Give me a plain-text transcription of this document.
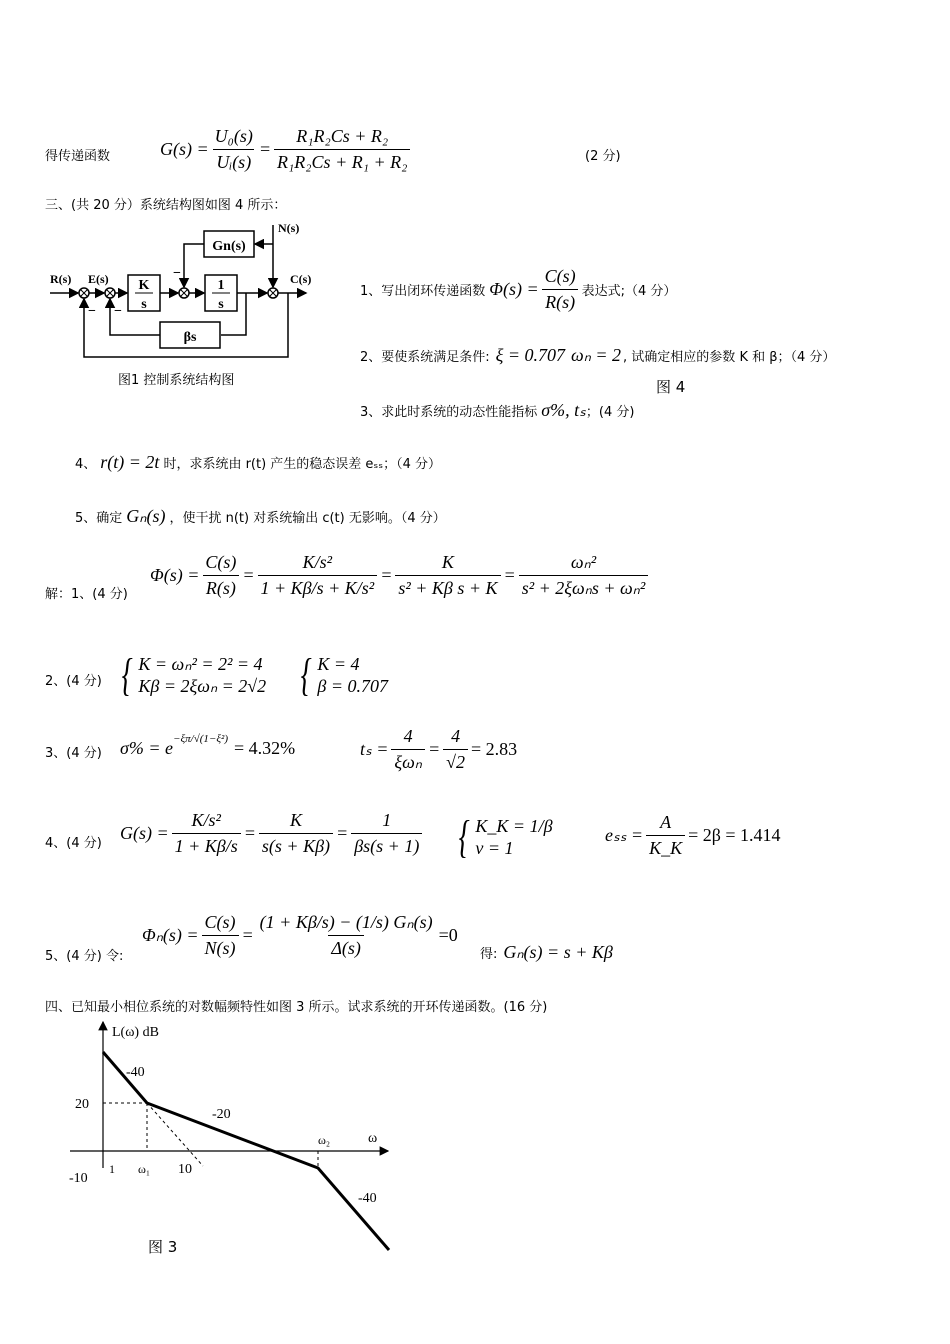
得传递函数	$G(s) = \frac{\text{U₀(s)}}{\text{Uᵢ(s)}} = \frac{\text{R₁R₂Cs + R₂}}{\text{R₁R₂Cs + R₁ + R₂}}$	(2 分)
三、(共 20 分）系统结构图如图 4 所示：
R(s) E(s)
N(s)
C(s)
K
s
1
s
Gn(s)
βs
− −
−
图1 控制系统结构图
1、写出闭环传递函数 $\Phi(s) = \frac{C(s)}{R(s)}$ 表达式;（4 分）
2、要使系统满足条件: ξ = 0.707 ωₙ = 2 , 试确定相应的参数 K 和 β；（4 分）
图 4
3、求此时系统的动态性能指标 σ%, tₛ ；(4 分)
4、 r(t) = 2t 时，求系统由 r(t) 产生的稳态误差 eₛₛ；（4 分）
5、确定 Gₙ(s) ，使干扰 n(t) 对系统输出 c(t) 无影响。（4 分）
解：1、(4 分)
$\Phi(s) = \frac{C(s)}{R(s)} = \frac{\text{K/s²}}{\text{1 + Kβ/s + K/s²}} = \frac{K}{\text{s² + Kβ s + K}} = \frac{\text{ωₙ²}}{\text{s² + 2ξωₙs + ωₙ²}}$
2、(4 分) { K = ωₙ² = 2² = 4
Kβ = 2ξωₙ = 2√2 { K = 4
β = 0.707
3、(4 分) $\sigma\% = e^{-\xi\pi/√(1-\xi^2)} = 4.32\%$	$t_s = \frac{4}{\text{ξωₙ}} = \frac{4}{√2} = 2.83$
4、(4 分)
$G(s) = \frac{\text{K/s²}}{1 + K\beta/s} = \frac{K}{s(s + K\beta)} = \frac{1}{\beta s(s + 1)}$ { K_K = 1/β
v = 1
$e_{ss} = \frac{A}{K\_K} = 2\beta = 1.414$
5、(4 分) 令:
$\Phi_n(s) = \frac{C(s)}{N(s)} = \frac{\text{(1 + Kβ/s) − (1/s) Gₙ(s)}}{\Delta(s)} =0$
得: Gₙ(s) = s + Kβ
四、已知最小相位系统的对数幅频特性如图 3 所示。试求系统的开环传递函数。(16 分)
L(ω) dB
ω
20
-10
1 ω₁ 10
ω₂
-40
-20
-40
图 3
